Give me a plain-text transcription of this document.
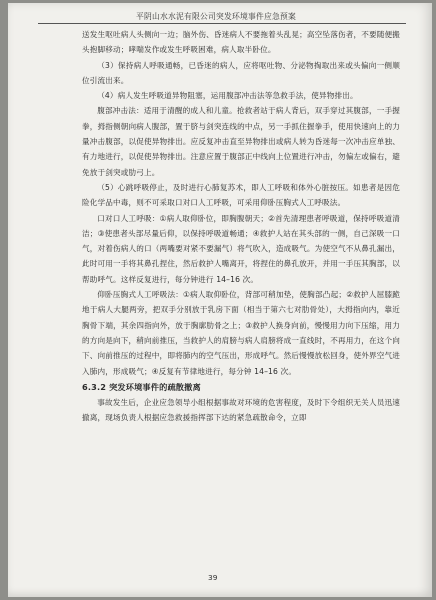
平阴山水水泥有限公司突发环境事件应急预案

送发生呕吐病人头侧向一边；脑外伤、昏迷病人不要拖着头乱晃；高空坠落伤者，不要随便搬头抱脚移动；哮喘发作或发生呼吸困难，病人取半卧位。

（3）保持病人呼吸通畅，已昏迷的病人，应将呕吐物、分泌物掏取出来或头偏向一侧顺位引流出来。

（4）病人发生呼吸道异物阻塞，运用腹部冲击法等急救手法，使异物排出。

腹部冲击法：适用于清醒的成人和儿童。抢救者站于病人背后，双手穿过其腹部，一手握拳，拇指侧朝向病人腹部，置于脐与剑突连线的中点，另一手抓住握拳手，使用快速向上的力量冲击腹部，以促使异物排出。应反复冲击直至异物排出或病人转为昏迷每一次冲击应单独、有力地进行，以促使异物排出。注意应置于腹部正中线向上位置进行冲击，勿偏左或偏右，避免放于剑突或肋弓上。

（5）心跳呼吸停止，及时进行心肺复苏术，即人工呼吸和体外心脏按压。如患者是因危险化学品中毒，则不可采取口对口人工呼吸，可采用仰卧压胸式人工呼吸法。

口对口人工呼吸：①病人取仰卧位，即胸腹朝天；②首先清理患者呼吸道，保持呼吸道清洁；③使患者头部尽量后仰，以保持呼吸道畅通；④救护人站在其头部的一侧，自己深吸一口气，对着伤病人的口（两嘴要对紧不要漏气）将气吹入，造成吸气。为使空气不从鼻孔漏出，此时可用一手将其鼻孔捏住，然后救护人嘴离开，将捏住的鼻孔放开，并用一手压其胸部，以帮助呼气。这样反复进行，每分钟进行 14–16 次。

仰卧压胸式人工呼吸法：①病人取仰卧位，背部可稍加垫，使胸部凸起；②救护人屈膝跪地于病人大腿两旁，把双手分别放于乳房下面（相当于第六七对肋骨处），大拇指向内，靠近胸骨下端，其余四指向外，放于胸廓肋骨之上；③救护人换身向前，慢慢用力向下压缩，用力的方向是向下，稍向前推压，当救护人的肩膀与病人肩膀将成一直线时，不再用力，在这个向下、向前推压的过程中，即将肺内的空气压出，形成呼气。然后慢慢放松回身，使外界空气进入肺内，形成吸气；④反复有节律地进行，每分钟 14–16 次。

6.3.2 突发环境事件的疏散撤离

事故发生后，企业应急领导小组根据事故对环境的危害程度，及时下令组织无关人员迅速撤离，现场负责人根据应急救援指挥部下达的紧急疏散命令，立即

39
